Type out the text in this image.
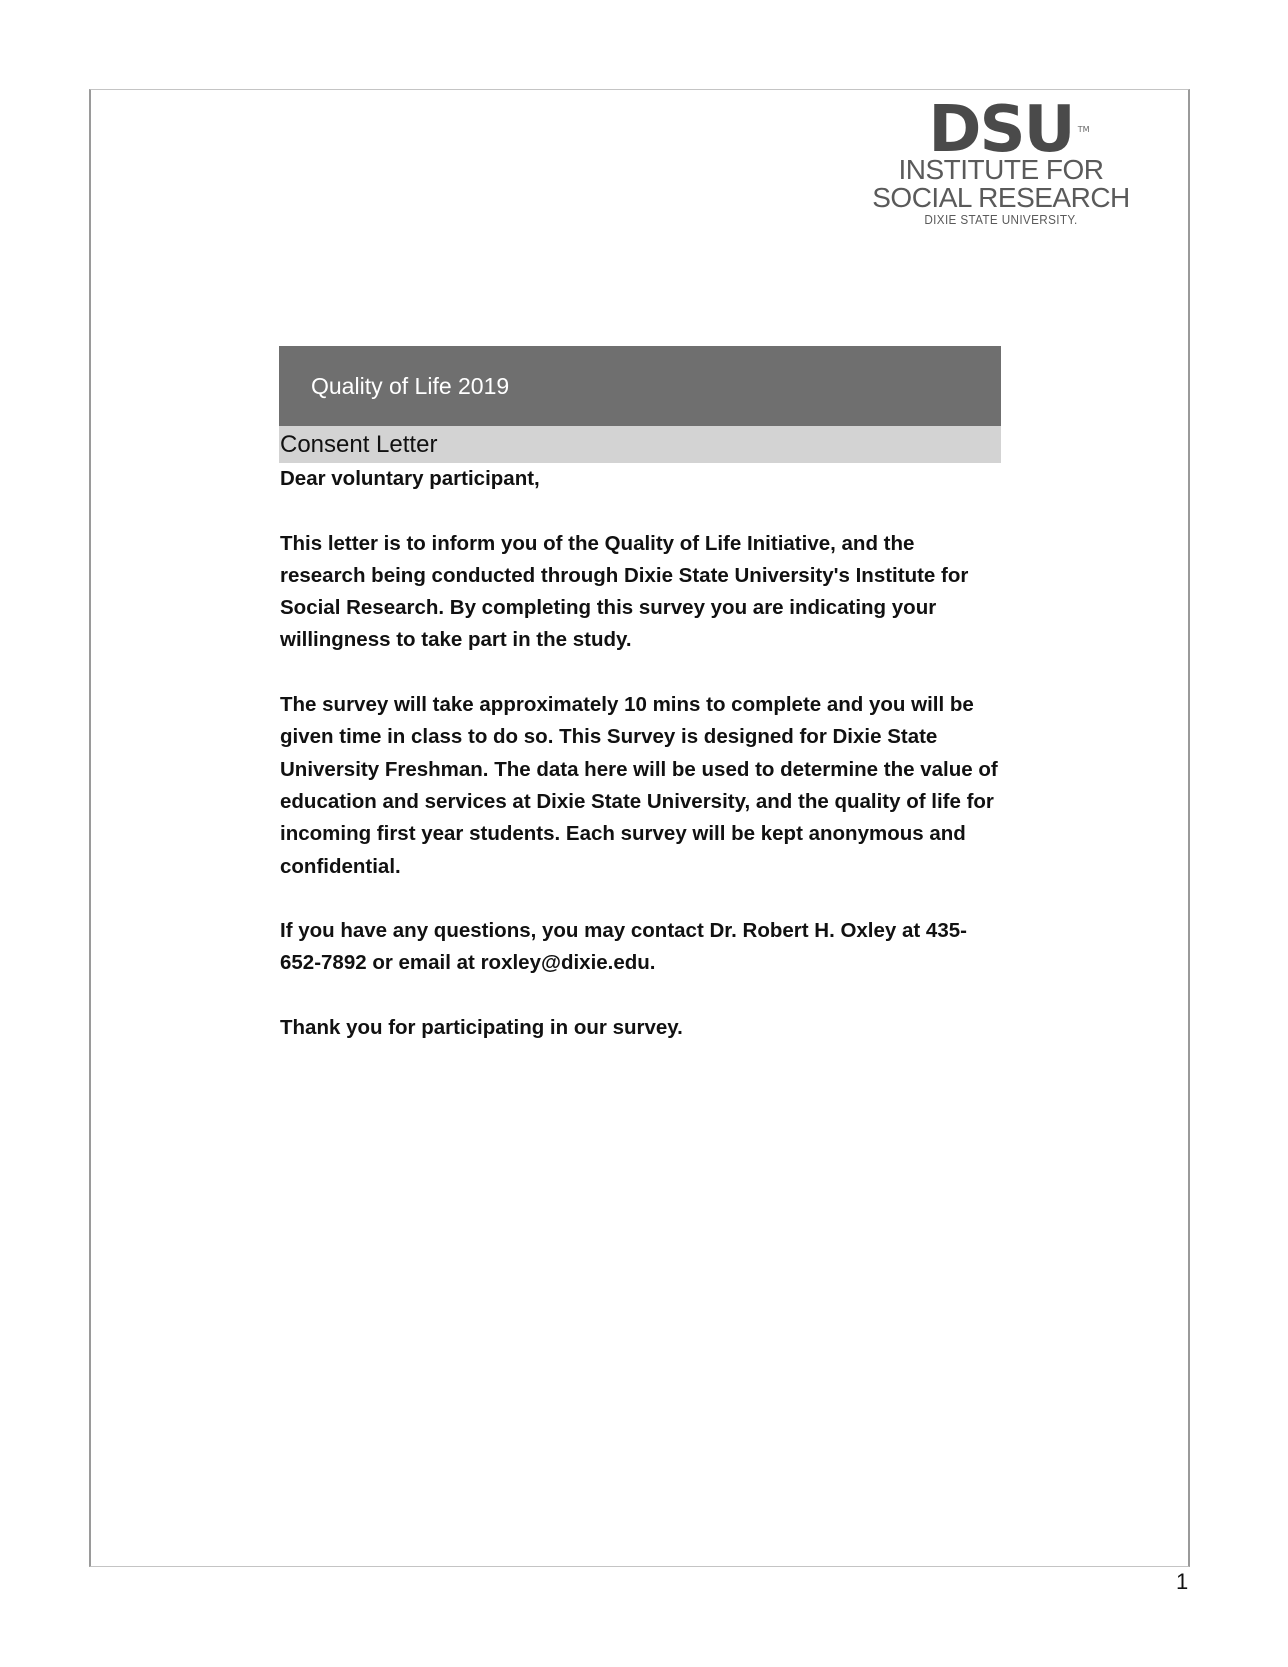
DSU TM
INSTITUTE FOR
SOCIAL RESEARCH
DIXIE STATE UNIVERSITY.
Quality of Life 2019
Consent Letter

Dear voluntary participant,

This letter is to inform you of the Quality of Life Initiative, and the research being conducted through Dixie State University's Institute for Social Research. By completing this survey you are indicating your willingness to take part in the study.

The survey will take approximately 10 mins to complete and you will be given time in class to do so. This Survey is designed for Dixie State University Freshman. The data here will be used to determine the value of education and services at Dixie State University, and the quality of life for incoming first year students. Each survey will be kept anonymous and confidential.

If you have any questions, you may contact Dr. Robert H. Oxley at 435-652-7892 or email at roxley@dixie.edu.

Thank you for participating in our survey.

1
